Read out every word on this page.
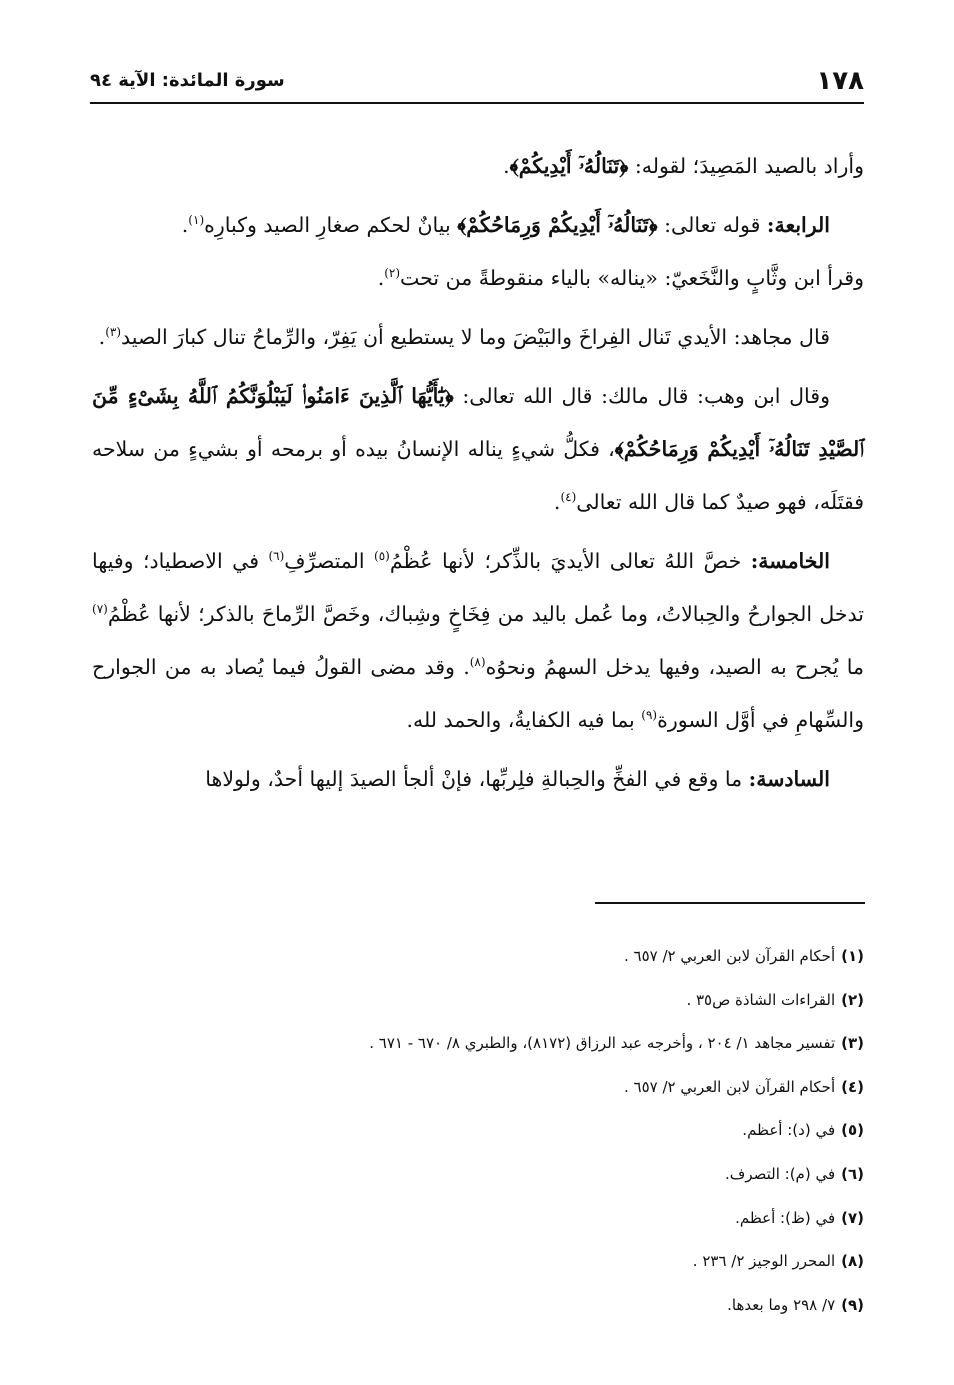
١٧٨
سورة المائدة: الآية ٩٤

وأراد بالصيد المَصِيدَ؛ لقوله: ﴿تَنَالُهُۥٓ أَيْدِيكُمْ﴾.

الرابعة: قوله تعالى: ﴿تَنَالُهُۥٓ أَيْدِيكُمْ وَرِمَاحُكُمْ﴾ بيانٌ لحكم صغارِ الصيد وكبارِه$^{(١)}$.
وقرأ ابن وثَّابٍ والنَّخَعيّ: «يناله» بالياء منقوطةً من تحت$^{(٢)}$.

قال مجاهد: الأيدي تَنال الفِراخَ والبَيْضَ وما لا يستطيع أن يَفِرّ، والرِّماحُ تنال كبارَ الصيد$^{(٣)}$.

وقال ابن وهب: قال مالك: قال الله تعالى: ﴿يَٰٓأَيُّهَا ٱلَّذِينَ ءَامَنُوا۟ لَيَبْلُوَنَّكُمُ ٱللَّهُ بِشَىْءٍ مِّنَ ٱلصَّيْدِ تَنَالُهُۥٓ أَيْدِيكُمْ وَرِمَاحُكُمْ﴾، فكلُّ شيءٍ يناله الإنسانُ بيده أو برمحه أو بشيءٍ من سلاحه فقتَلَه، فهو صيدٌ كما قال الله تعالى$^{(٤)}$.

الخامسة: خصَّ اللهُ تعالى الأيديَ بالذِّكر؛ لأنها عُظْمُ$^{(٥)}$ المتصرِّفِ$^{(٦)}$ في الاصطياد؛ وفيها تدخل الجوارحُ والحِبالاتُ، وما عُمل باليد من فِخَاخٍ وشِباك، وخَصَّ الرِّماحَ بالذكر؛ لأنها عُظْمُ$^{(٧)}$ ما يُجرح به الصيد، وفيها يدخل السهمُ ونحوُه$^{(٨)}$. وقد مضى القولُ فيما يُصاد به من الجوارح والسِّهامِ في أوَّل السورة$^{(٩)}$ بما فيه الكفايةُ، والحمد لله.

السادسة: ما وقع في الفخِّ والحِبالةِ فلِربِّها، فإنْ ألجأ الصيدَ إليها أحدٌ، ولولاها

(١)أحكام القرآن لابن العربي ٢/ ٦٥٧ .
(٢)القراءات الشاذة ص٣٥ .
(٣)تفسير مجاهد ١/ ٢٠٤ ، وأخرجه عبد الرزاق (٨١٧٢)، والطبري ٨/ ٦٧٠ - ٦٧١ .
(٤)أحكام القرآن لابن العربي ٢/ ٦٥٧ .
(٥)في (د): أعظم.
(٦)في (م): التصرف.
(٧)في (ظ): أعظم.
(٨)المحرر الوجيز ٢/ ٢٣٦ .
(٩)٧/ ٢٩٨ وما بعدها.
